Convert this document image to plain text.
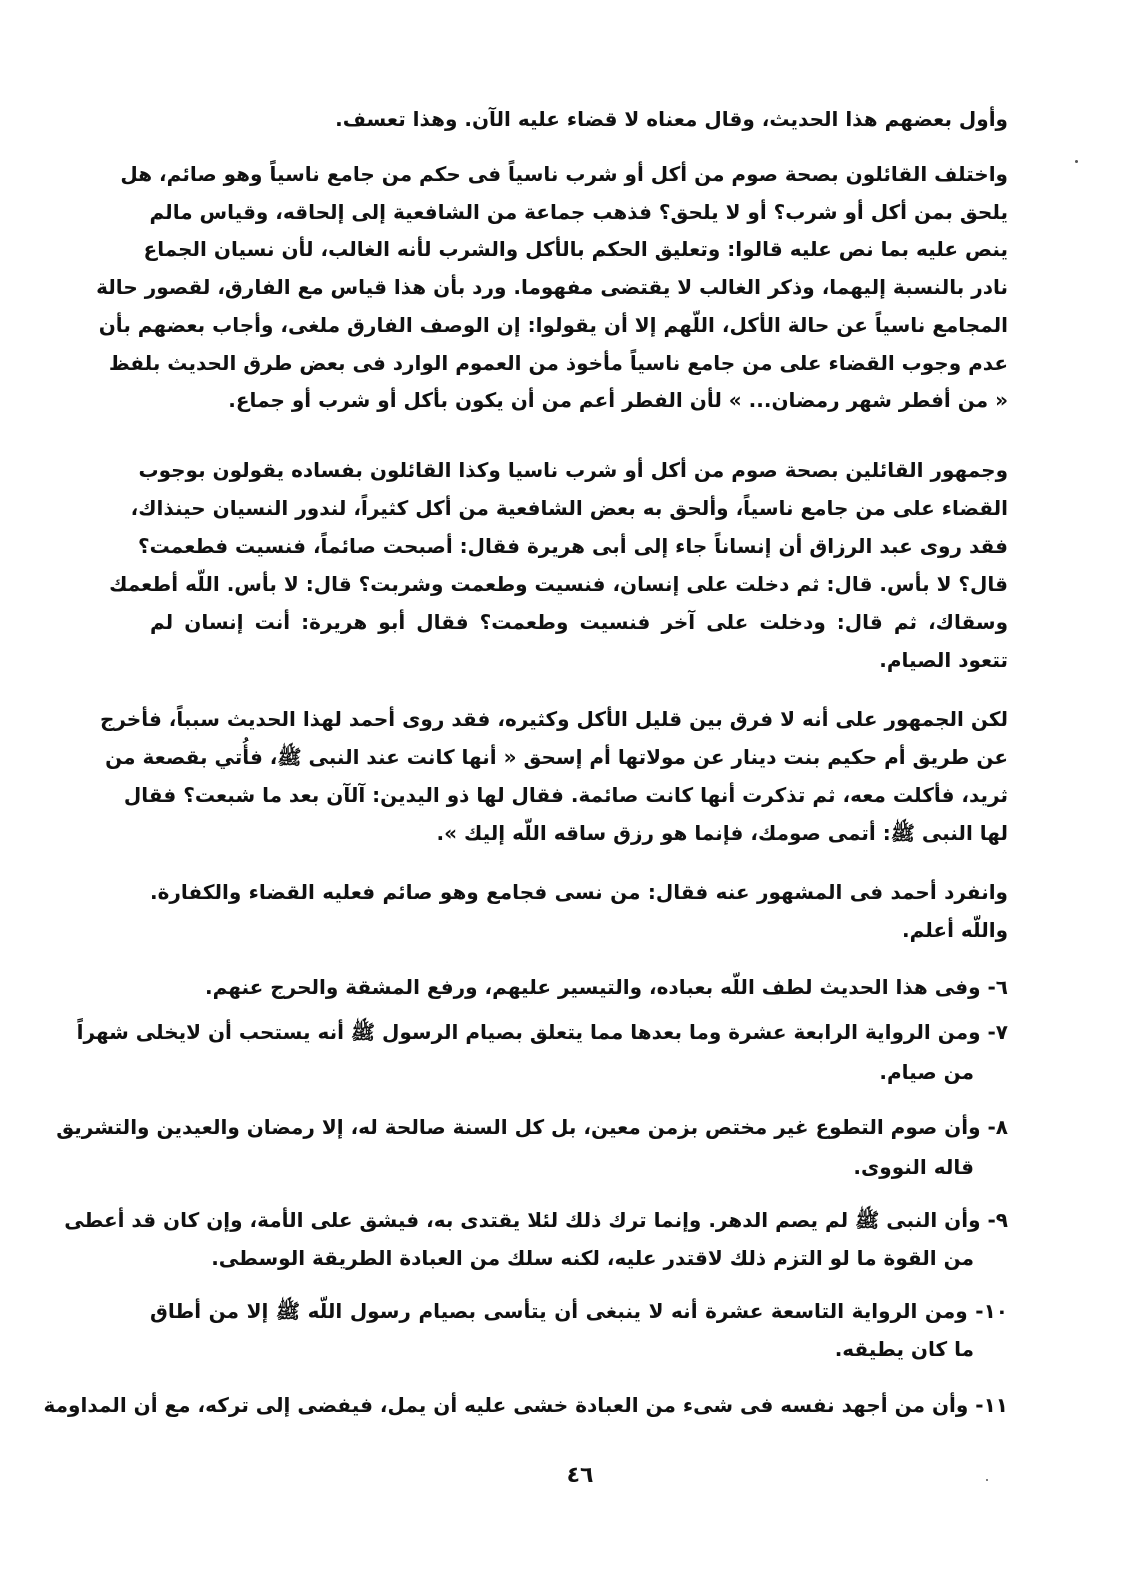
وأول بعضهم هذا الحديث، وقال معناه لا قضاء عليه الآن. وهذا تعسف.
واختلف القائلون بصحة صوم من أكل أو شرب ناسياً فى حكم من جامع ناسياً وهو صائم، هل
يلحق بمن أكل أو شرب؟ أو لا يلحق؟ فذهب جماعة من الشافعية إلى إلحاقه، وقياس مالم
ينص عليه بما نص عليه قالوا: وتعليق الحكم بالأكل والشرب لأنه الغالب، لأن نسيان الجماع
نادر بالنسبة إليهما، وذكر الغالب لا يقتضى مفهوما. ورد بأن هذا قياس مع الفارق، لقصور حالة
المجامع ناسياً عن حالة الأكل، اللّهم إلا أن يقولوا: إن الوصف الفارق ملغى، وأجاب بعضهم بأن
عدم وجوب القضاء على من جامع ناسياً مأخوذ من العموم الوارد فى بعض طرق الحديث بلفظ
« من أفطر شهر رمضان... » لأن الفطر أعم من أن يكون بأكل أو شرب أو جماع.
وجمهور القائلين بصحة صوم من أكل أو شرب ناسيا وكذا القائلون بفساده يقولون بوجوب
القضاء على من جامع ناسياً، وألحق به بعض الشافعية من أكل كثيراً، لندور النسيان حينذاك،
فقد روى عبد الرزاق أن إنساناً جاء إلى أبى هريرة فقال: أصبحت صائماً، فنسيت فطعمت؟
قال؟ لا بأس. قال: ثم دخلت على إنسان، فنسيت وطعمت وشربت؟ قال: لا بأس. اللّه أطعمك
وسقاك، ثم قال: ودخلت على آخر فنسيت وطعمت؟ فقال أبو هريرة: أنت إنسان لم
تتعود الصيام.
لكن الجمهور على أنه لا فرق بين قليل الأكل وكثيره، فقد روى أحمد لهذا الحديث سبباً، فأخرج
عن طريق أم حكيم بنت دينار عن مولاتها أم إسحق « أنها كانت عند النبى ﷺ، فأُتي بقصعة من
ثريد، فأكلت معه، ثم تذكرت أنها كانت صائمة. فقال لها ذو اليدين: آلآن بعد ما شبعت؟ فقال
لها النبى ﷺ: أتمى صومك، فإنما هو رزق ساقه اللّه إليك ».
وانفرد أحمد فى المشهور عنه فقال: من نسى فجامع وهو صائم فعليه القضاء والكفارة.
واللّه أعلم.
٦- وفى هذا الحديث لطف اللّه بعباده، والتيسير عليهم، ورفع المشقة والحرج عنهم.
٧- ومن الرواية الرابعة عشرة وما بعدها مما يتعلق بصيام الرسول ﷺ أنه يستحب أن لايخلى شهراً
من صيام.
٨- وأن صوم التطوع غير مختص بزمن معين، بل كل السنة صالحة له، إلا رمضان والعيدين والتشريق
قاله النووى.
٩- وأن النبى ﷺ لم يصم الدهر. وإنما ترك ذلك لئلا يقتدى به، فيشق على الأمة، وإن كان قد أعطى
من القوة ما لو التزم ذلك لاقتدر عليه، لكنه سلك من العبادة الطريقة الوسطى.
١٠- ومن الرواية التاسعة عشرة أنه لا ينبغى أن يتأسى بصيام رسول اللّه ﷺ إلا من أطاق
ما كان يطيقه.
١١- وأن من أجهد نفسه فى شىء من العبادة خشى عليه أن يمل، فيفضى إلى تركه، مع أن المداومة
٤٦
